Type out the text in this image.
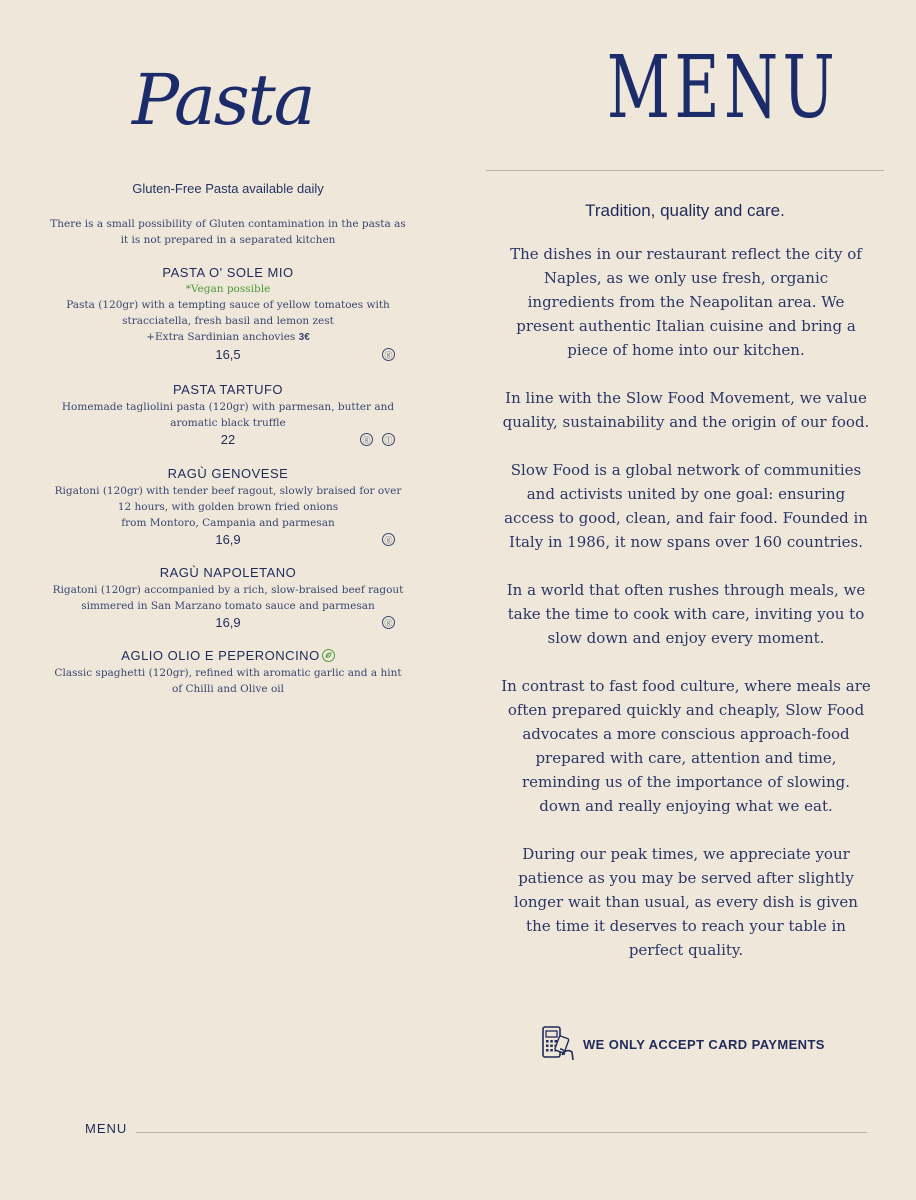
Pasta
Gluten-Free Pasta available daily
There is a small possibility of Gluten contamination in the pasta as it is not prepared in a separated kitchen
PASTA O' SOLE MIO
*Vegan possible
Pasta (120gr) with a tempting sauce of yellow tomatoes with stracciatella, fresh basil and lemon zest
+Extra Sardinian anchovies 3€
16,5	ⓖ
PASTA TARTUFO
Homemade tagliolini pasta (120gr) with parmesan, butter and aromatic black truffle
22	ⓖ	ⓛ
RAGÙ GENOVESE
Rigatoni (120gr) with tender beef ragout, slowly braised for over 12 hours, with golden brown fried onions
from Montoro, Campania and parmesan
16,9	ⓖ
RAGÙ NAPOLETANO
Rigatoni (120gr) accompanied by a rich, slow-braised beef ragout simmered in San Marzano tomato sauce and parmesan
16,9	ⓖ
AGLIO OLIO E PEPERONCINO
Classic spaghetti (120gr), refined with aromatic garlic and a hint of Chilli and Olive oil
MENU
Tradition, quality and care.
The dishes in our restaurant reflect the city of Naples, as we only use fresh, organic ingredients from the Neapolitan area. We present authentic Italian cuisine and bring a piece of home into our kitchen.
In line with the Slow Food Movement, we value quality, sustainability and the origin of our food.
Slow Food is a global network of communities and activists united by one goal: ensuring access to good, clean, and fair food. Founded in Italy in 1986, it now spans over 160 countries.
In a world that often rushes through meals, we take the time to cook with care, inviting you to slow down and enjoy every moment.
In contrast to fast food culture, where meals are often prepared quickly and cheaply, Slow Food advocates a more conscious approach-food prepared with care, attention and time, reminding us of the importance of slowing. down and really enjoying what we eat.
During our peak times, we appreciate your patience as you may be served after slightly longer wait than usual, as every dish is given the time it deserves to reach your table in perfect quality.
WE ONLY ACCEPT CARD PAYMENTS
MENU
